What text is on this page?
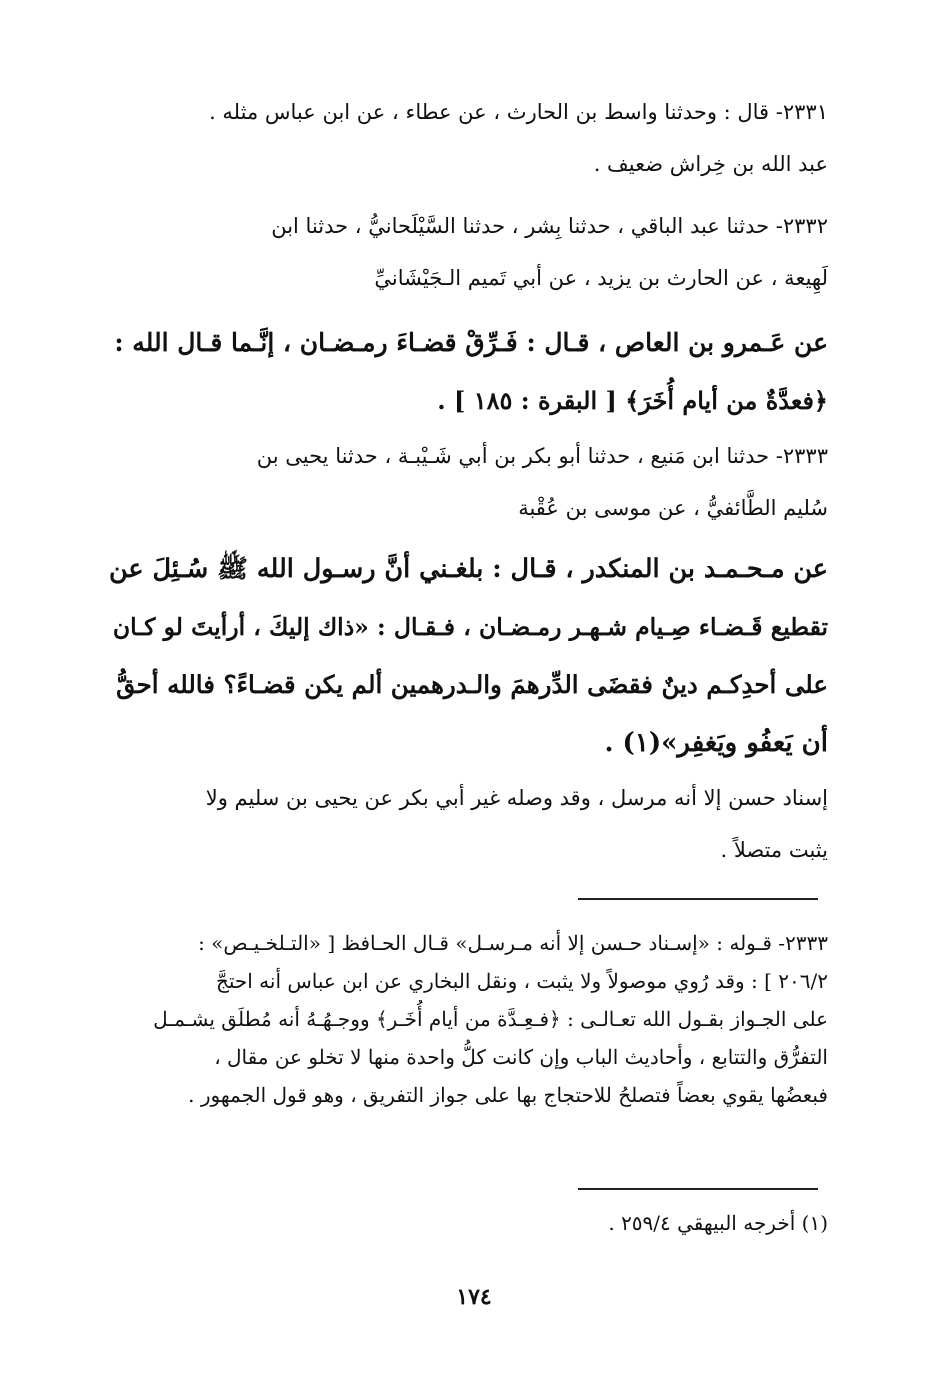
٢٣٣١- قال : وحدثنا واسط بن الحارث ، عن عطاء ، عن ابن عباس مثله .
عبد الله بن خِراش ضعيف .

٢٣٣٢- حدثنا عبد الباقي ، حدثنا بِشر ، حدثنا السَّيْلَحانيُّ ، حدثنا ابن
لَهِيعة ، عن الحارث بن يزيد ، عن أبي تَميم الـجَيْشَانيِّ

عن عَـمرو بن العاص ، قـال : فَـرِّقْ قضـاءَ رمـضـان ، إنَّـما قـال الله :
﴿فعدَّةٌ من أيام أُخَرَ﴾ [ البقرة : ١٨٥ ] .

٢٣٣٣- حدثنا ابن مَنيع ، حدثنا أبو بكر بن أبي شَـيْبـة ، حدثنا يحيى بن
سُليم الطَّائفيُّ ، عن موسى بن عُقْبة

عن مـحـمـد بن المنكدر ، قـال : بلغـني أنَّ رسـول الله ﷺ سُـئِلَ عن
تقطيع قَـضـاء صِـيام شـهـر رمـضـان ، فـقـال : «ذاك إليكَ ، أرأيتَ لو كـان
على أحدِكـم دينٌ فقضَى الدِّرهمَ والـدرهمين ألم يكن قضـاءً؟ فالله أحقُّ
أن يَعفُو ويَغفِر»(١) .

إسناد حسن إلا أنه مرسل ، وقد وصله غير أبي بكر عن يحيى بن سليم ولا
يثبت متصلاً .

٢٣٣٣- قـوله : «إسـناد حـسن إلا أنه مـرسـل» قـال الحـافظ [ «التـلخـيـص» :
٢٠٦/٢ ] : وقد رُوي موصولاً ولا يثبت ، ونقل البخاري عن ابن عباس أنه احتجَّ
على الجـواز بقـول الله تعـالـى : ﴿فـعِـدَّة من أيام أُخَـر﴾ ووجـهُـهُ أنه مُطلَق يشـمـل
التفرُّق والتتابع ، وأحاديث الباب وإن كانت كلُّ واحدة منها لا تخلو عن مقال ،
فبعضُها يقوي بعضاً فتصلحُ للاحتجاج بها على جواز التفريق ، وهو قول الجمهور .

(١) أخرجه البيهقي ٢٥٩/٤ .

١٧٤
